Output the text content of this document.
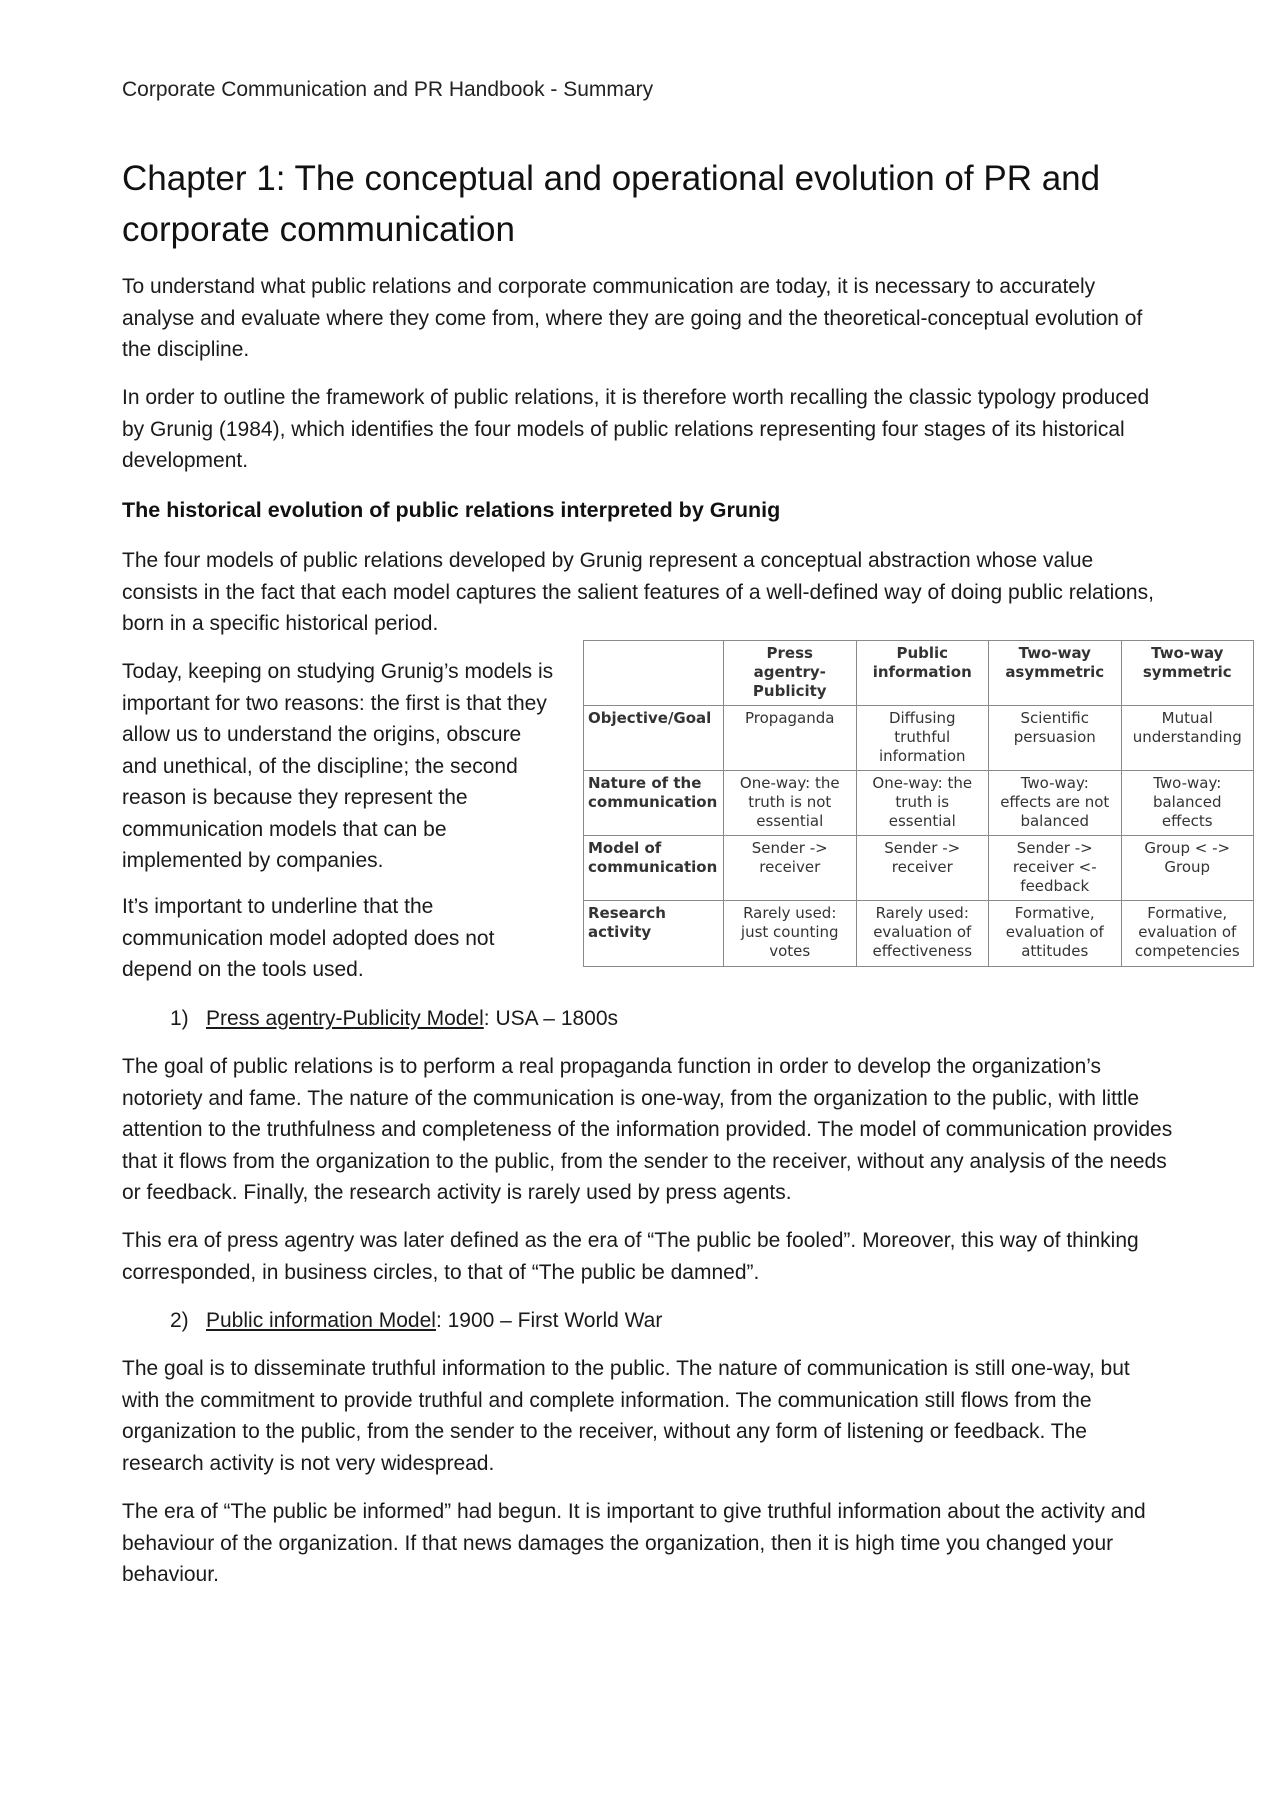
Corporate Communication and PR Handbook - Summary
Chapter 1: The conceptual and operational evolution of PR and corporate communication

To understand what public relations and corporate communication are today, it is necessary to accurately analyse and evaluate where they come from, where they are going and the theoretical-conceptual evolution of the discipline.

In order to outline the framework of public relations, it is therefore worth recalling the classic typology produced by Grunig (1984), which identifies the four models of public relations representing four stages of its historical development.

The historical evolution of public relations interpreted by Grunig

The four models of public relations developed by Grunig represent a conceptual abstraction whose value consists in the fact that each model captures the salient features of a well-defined way of doing public relations, born in a specific historical period.

Today, keeping on studying Grunig’s models is important for two reasons: the first is that they allow us to understand the origins, obscure and unethical, of the discipline; the second reason is because they represent the communication models that can be implemented by companies.

It’s important to underline that the communication model adopted does not depend on the tools used.

	Press agentry-Publicity	Public information	Two-way asymmetric	Two-way symmetric
Objective/Goal	Propaganda	Diffusing truthful information	Scientific persuasion	Mutual understanding
Nature of the communication	One-way: the truth is not essential	One-way: the truth is essential	Two-way: effects are not balanced	Two-way: balanced effects
Model of communication	Sender -> receiver	Sender -> receiver	Sender -> receiver <- feedback	Group < -> Group
Research activity	Rarely used: just counting votes	Rarely used: evaluation of effectiveness	Formative, evaluation of attitudes	Formative, evaluation of competencies
1) Press agentry-Publicity Model: USA – 1800s

The goal of public relations is to perform a real propaganda function in order to develop the organization’s notoriety and fame. The nature of the communication is one-way, from the organization to the public, with little attention to the truthfulness and completeness of the information provided. The model of communication provides that it flows from the organization to the public, from the sender to the receiver, without any analysis of the needs or feedback. Finally, the research activity is rarely used by press agents.

This era of press agentry was later defined as the era of “The public be fooled”. Moreover, this way of thinking corresponded, in business circles, to that of “The public be damned”.

2) Public information Model: 1900 – First World War

The goal is to disseminate truthful information to the public. The nature of communication is still one-way, but with the commitment to provide truthful and complete information. The communication still flows from the organization to the public, from the sender to the receiver, without any form of listening or feedback. The research activity is not very widespread.

The era of “The public be informed” had begun. It is important to give truthful information about the activity and behaviour of the organization. If that news damages the organization, then it is high time you changed your behaviour.
